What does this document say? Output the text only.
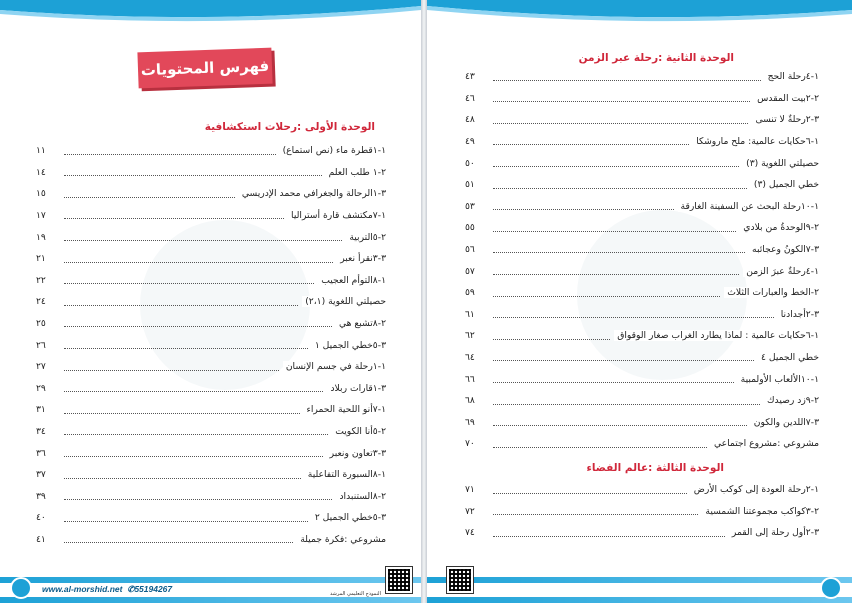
فهرس المحتويات
الوحدة الأولى :رحلات استكشافية
١-١قطرة ماء (نص استماع)
١١
٢-١ طلب العلم
١٤
٣-١الرحالة والجغرافي محمد الإدريسي
١٥
١-٧مكتشف قارة أستراليا
١٧
٢-٥التربية
١٩
٣-٣نقرأ نعبر
٢١
١-٨التوأم العجيب
٢٢
حصيلتي اللغوية (٢،١)
٢٤
٢-٨تشبع هي
٢٥
٣-٥خطي الجميل ١
٢٦
١-١رحلة في جسم الإنسان
٢٧
٣-١قارات ربلاد
٢٩
١-٧أنو اللحية الحمراء
٣١
٢-٥أنا الكويت
٣٤
٣-٣تعاون ونعبر
٣٦
١-٨السبورة التفاعلية
٣٧
٢-٨الستنبداد
٣٩
٣-٥خطي الجميل ٢
٤٠
مشروعي :فكرة جميلة
٤١
www.al-morshid.net ✆55194267	النموذج التعليمي المرشد
الوحدة الثانية :رحلة عبر الزمن
١-٤رحلة الحج
٤٣
٢-٢بيت المقدس
٤٦
٣-٢رحلةٌ لا تنسى
٤٨
١-٦حكايات عالمية: ملح ماروشكا
٤٩
حصيلتي اللغوية (٣)
٥٠
خطي الجميل (٣)
٥١
١-١٠رحلة البحث عن السفينة الغارقة
٥٣
٢-٩الوحدةُ من بلادي
٥٥
٣-٧الكونُ وعجائبه
٥٦
١-٤رحلةٌ عبرَ الزمن
٥٧
٢-الخط والعبارات الثلاث
٥٩
٣-٢أجدادنا
٦١
١-٦حكايات عالمية : لماذا يطارد الغراب صغار الوقواق
٦٢
خطي الجميل ٤
٦٤
١-١٠الألعاب الأولمبية
٦٦
٢-٩زد رصيدك
٦٨
٣-٧اللدين والكون
٦٩
مشروعي :مشروع اجتماعي
٧٠
الوحدة الثالثة :عالم الفضاء
١-٢رحلة العودة إلى كوكب الأرض
٧١
٢-٣كواكب مجموعتنا الشمسية
٧٢
٣-٢أول رحلة إلى القمر
٧٤
